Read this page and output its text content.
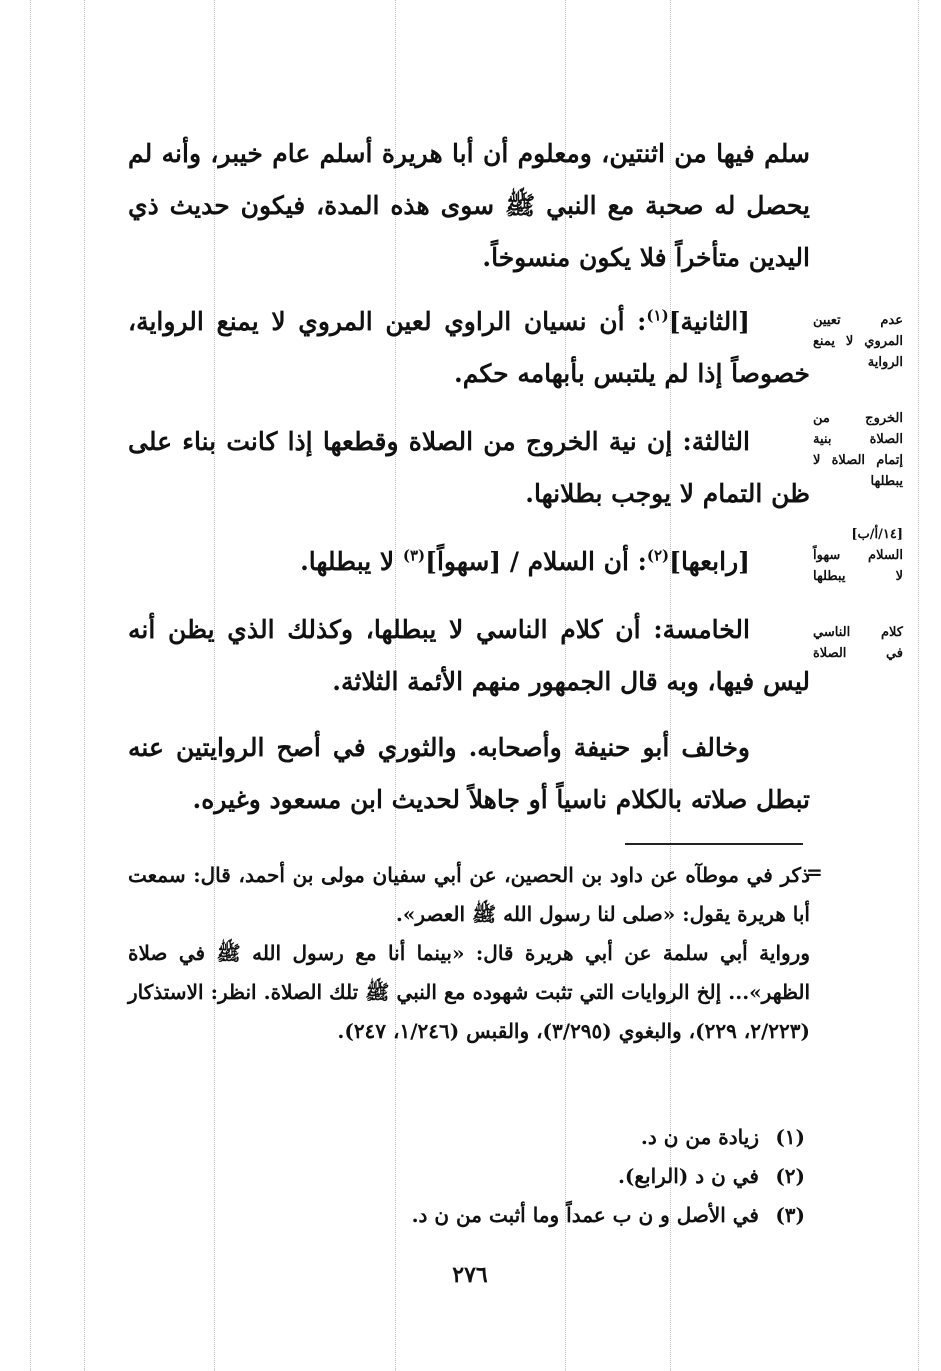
سلم فيها من اثنتين، ومعلوم أن أبا هريرة أسلم عام خيبر، وأنه لم يحصل له صحبة مع النبي ﷺ سوى هذه المدة، فيكون حديث ذي اليدين متأخراً فلا يكون منسوخاً.

[الثانية]$^{(١)}$: أن نسيان الراوي لعين المروي لا يمنع الرواية، خصوصاً إذا لم يلتبس بأبهامه حكم.

الثالثة: إن نية الخروج من الصلاة وقطعها إذا كانت بناء على ظن التمام لا يوجب بطلانها.

[رابعها]$^{(٢)}$: أن السلام / [سهواً]$^{(٣)}$ لا يبطلها.

الخامسة: أن كلام الناسي لا يبطلها، وكذلك الذي يظن أنه ليس فيها، وبه قال الجمهور منهم الأئمة الثلاثة.

وخالف أبو حنيفة وأصحابه. والثوري في أصح الروايتين عنه تبطل صلاته بالكلام ناسياً أو جاهلاً لحديث ابن مسعود وغيره.

عدم تعيين
المروي لا يمنع
الرواية
الخروج من
الصلاة بنية
إتمام الصلاة لا
يبطلها
[١٤/أ/ب]
السلام سهواً
لا يبطلها
كلام الناسي
في الصلاة
=

ذكر في موطآه عن داود بن الحصين، عن أبي سفيان مولى بن أحمد، قال: سمعت أبا هريرة يقول: «صلى لنا رسول الله ﷺ العصر».

ورواية أبي سلمة عن أبي هريرة قال: «بينما أنا مع رسول الله ﷺ في صلاة الظهر»... إلخ الروايات التي تثبت شهوده مع النبي ﷺ تلك الصلاة. انظر: الاستذكار (٢/٢٢٣، ٢٢٩)، والبغوي (٣/٢٩٥)، والقبس (١/٢٤٦، ٢٤٧).

(١)زيادة من ن د.
(٢)في ن د (الرابع).
(٣)في الأصل و ن ب عمداً وما أثبت من ن د.
٢٧٦
